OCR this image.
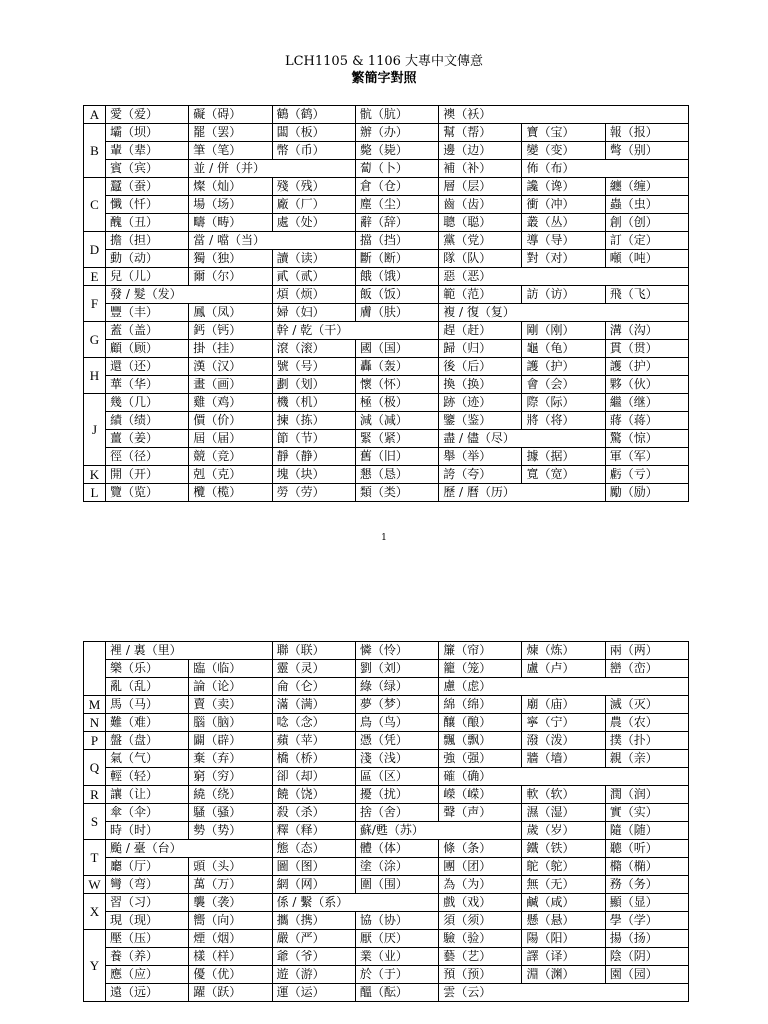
LCH1105 & 1106 大專中文傳意
繁簡字對照
A	愛（爱）	礙（碍）	鶴（鹤）	骯（肮）	襖（袄）		
B	壩（坝）	罷（罢）	闆（板）	辦（办）	幫（帮）	寶（宝）	報（报）
	輩（辈）	筆（笔）	幣（币）	斃（毙）	邊（边）	變（变）	彆（别）
	賓（宾）	並 / 併（并）		蔔（卜）	補（补）	佈（布）	
C	蠶（蚕）	燦（灿）	殘（残）	倉（仓）	層（层）	讒（谗）	纏（缠）
	懺（忏）	場（场）	廠（厂）	塵（尘）	齒（齿）	衝（冲）	蟲（虫）
	醜（丑）	疇（畴）	處（处）	辭（辞）	聰（聪）	叢（丛）	創（创）
D	擔（担）	當 / 噹（当）		擋（挡）	黨（党）	導（导）	訂（定）
	動（动）	獨（独）	讀（读）	斷（断）	隊（队）	對（对）	噸（吨）
E	兒（儿）	爾（尔）	貳（贰）	餓（饿）	惡（恶）		
F	發 / 髮（发）		煩（烦）	飯（饭）	範（范）	訪（访）	飛（飞）
	豐（丰）	鳳（凤）	婦（妇）	膚（肤）	複 / 復（复）		
G	蓋（盖）	鈣（钙）	幹 / 乾（干）		趕（赶）	剛（刚）	溝（沟）
	顧（顾）	掛（挂）	滾（滚）	國（国）	歸（归）	龜（龟）	貫（贯）
H	還（还）	漢（汉）	號（号）	轟（轰）	後（后）	護（护）	護（护）
	華（华）	畫（画）	劃（划）	懷（怀）	換（换）	會（会）	夥（伙）
J	幾（几）	雞（鸡）	機（机）	極（极）	跡（迹）	際（际）	繼（继）
	績（绩）	價（价）	揀（拣）	減（减）	鑒（鉴）	將（将）	蔣（蒋）
	薑（姜）	屆（届）	節（节）	緊（紧）	盡 / 儘（尽）		驚（惊）
	徑（径）	競（竞）	靜（静）	舊（旧）	舉（举）	據（据）	軍（军）
K	開（开）	剋（克）	塊（块）	懇（恳）	誇（夸）	寬（宽）	虧（亏）
L	覽（览）	欖（榄）	勞（劳）	類（类）	歷 / 曆（历）		勵（励）
1
	裡 / 裏（里）		聯（联）	憐（怜）	簾（帘）	煉（炼）	兩（两）
	樂（乐）	臨（临）	靈（灵）	劉（刘）	籠（笼）	盧（卢）	巒（峦）
	亂（乱）	論（论）	侖（仑）	綠（绿）	慮（虑）		
M	馬（马）	賣（卖）	滿（满）	夢（梦）	綿（绵）	廟（庙）	滅（灭）
N	難（难）	腦（脑）	唸（念）	鳥（鸟）	釀（酿）	寧（宁）	農（农）
P	盤（盘）	闢（辟）	蘋（苹）	憑（凭）	飄（飘）	潑（泼）	撲（扑）
Q	氣（气）	棄（弃）	橋（桥）	淺（浅）	強（强）	牆（墙）	親（亲）
	輕（轻）	窮（穷）	卻（却）	區（区）	確（确）		
R	讓（让）	繞（绕）	饒（饶）	擾（扰）	嶸（嵘）	軟（软）	潤（润）
S	傘（伞）	騷（骚）	殺（杀）	捨（舍）	聲（声）	濕（湿）	實（实）
	時（时）	勢（势）	釋（释）	蘇/甦（苏）		歲（岁）	隨（随）
T	颱 / 臺（台）		態（态）	體（体）	條（条）	鐵（铁）	聽（听）
	廳（厅）	頭（头）	圖（图）	塗（涂）	團（团）	鴕（鸵）	橢（椭）
W	彎（弯）	萬（万）	網（网）	圍（围）	為（为）	無（无）	務（务）
X	習（习）	襲（袭）	係 / 繫（系）		戲（戏）	鹹（咸）	顯（显）
	現（现）	嚮（向）	攜（携）	協（协）	須（须）	懸（悬）	學（学）
Y	壓（压）	煙（烟）	嚴（严）	厭（厌）	驗（验）	陽（阳）	揚（扬）
	養（养）	樣（样）	爺（爷）	業（业）	藝（艺）	譯（译）	陰（阴）
	應（应）	優（优）	遊（游）	於（于）	預（预）	淵（渊）	園（园）
	遠（远）	躍（跃）	運（运）	醞（酝）	雲（云）		
